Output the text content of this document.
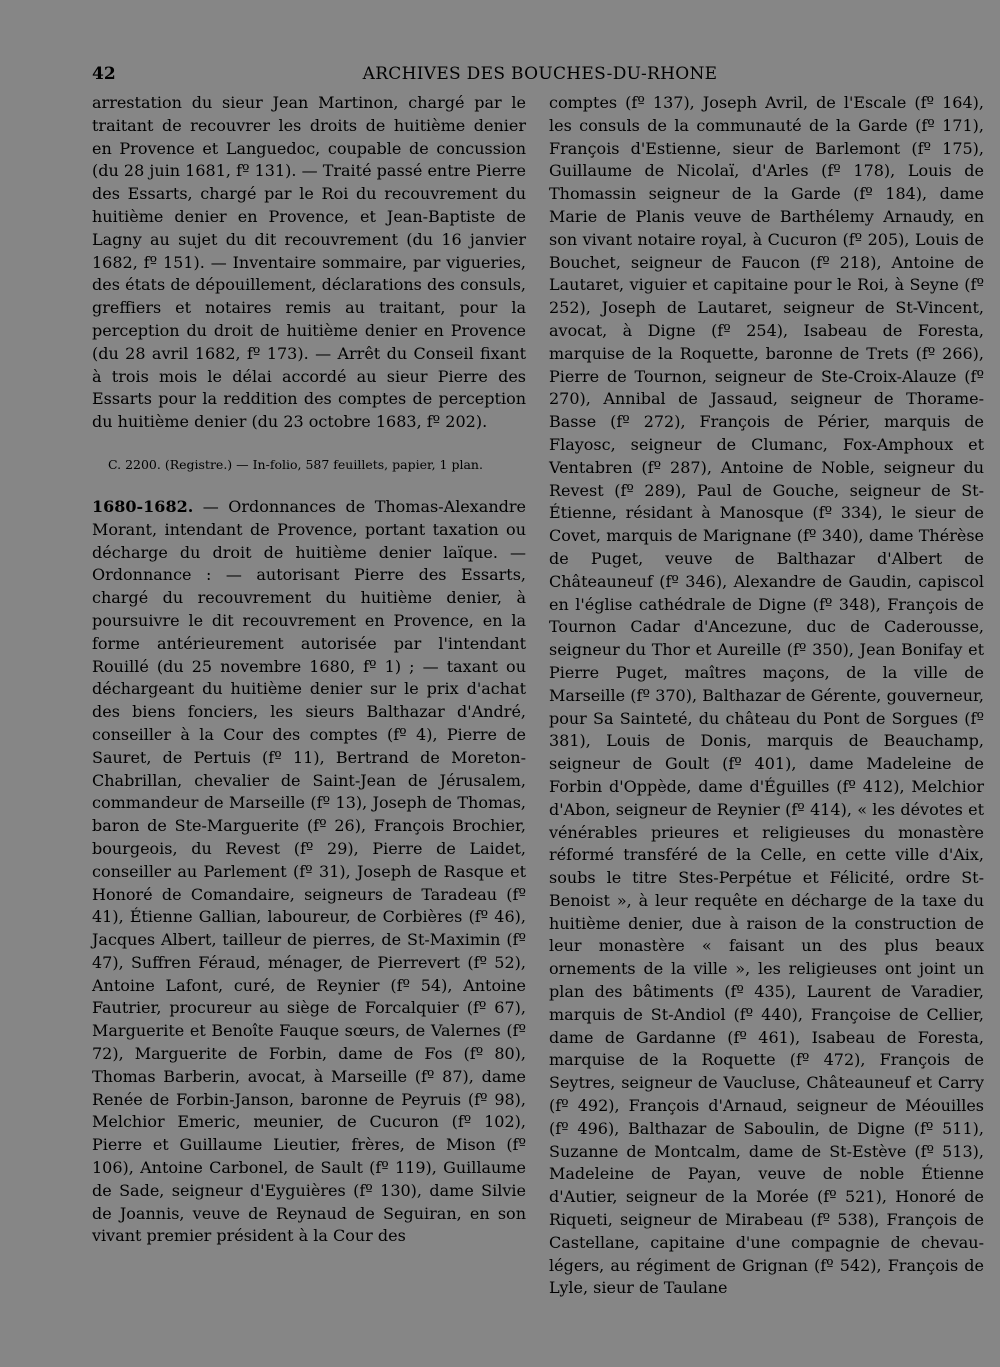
42	ARCHIVES DES BOUCHES-DU-RHONE

arrestation du sieur Jean Martinon, chargé par le traitant de recouvrer les droits de huitième denier en Provence et Languedoc, coupable de concussion (du 28 juin 1681, fº 131). — Traité passé entre Pierre des Essarts, chargé par le Roi du recouvrement du huitième denier en Provence, et Jean-Baptiste de Lagny au sujet du dit recouvrement (du 16 janvier 1682, fº 151). — Inventaire sommaire, par vigueries, des états de dépouillement, déclarations des consuls, greffiers et notaires remis au traitant, pour la perception du droit de huitième denier en Provence (du 28 avril 1682, fº 173). — Arrêt du Conseil fixant à trois mois le délai accordé au sieur Pierre des Essarts pour la reddition des comptes de perception du huitième denier (du 23 octobre 1683, fº 202).

C. 2200. (Registre.) — In-folio, 587 feuillets, papier, 1 plan.

1680-1682. — Ordonnances de Thomas-Alexandre Morant, intendant de Provence, portant taxation ou décharge du droit de huitième denier laïque. — Ordonnance : — autorisant Pierre des Essarts, chargé du recouvrement du huitième denier, à poursuivre le dit recouvrement en Provence, en la forme antérieurement autorisée par l'intendant Rouillé (du 25 novembre 1680, fº 1) ; — taxant ou déchargeant du huitième denier sur le prix d'achat des biens fonciers, les sieurs Balthazar d'André, conseiller à la Cour des comptes (fº 4), Pierre de Sauret, de Pertuis (fº 11), Bertrand de Moreton-Chabrillan, chevalier de Saint-Jean de Jérusalem, commandeur de Marseille (fº 13), Joseph de Thomas, baron de Ste-Marguerite (fº 26), François Brochier, bourgeois, du Revest (fº 29), Pierre de Laidet, conseiller au Parlement (fº 31), Joseph de Rasque et Honoré de Comandaire, seigneurs de Taradeau (fº 41), Étienne Gallian, laboureur, de Corbières (fº 46), Jacques Albert, tailleur de pierres, de St-Maximin (fº 47), Suffren Féraud, ménager, de Pierrevert (fº 52), Antoine Lafont, curé, de Reynier (fº 54), Antoine Fautrier, procureur au siège de Forcalquier (fº 67), Marguerite et Benoîte Fauque sœurs, de Valernes (fº 72), Marguerite de Forbin, dame de Fos (fº 80), Thomas Barberin, avocat, à Marseille (fº 87), dame Renée de Forbin-Janson, baronne de Peyruis (fº 98), Melchior Emeric, meunier, de Cucuron (fº 102), Pierre et Guillaume Lieutier, frères, de Mison (fº 106), Antoine Carbonel, de Sault (fº 119), Guillaume de Sade, seigneur d'Eyguières (fº 130), dame Silvie de Joannis, veuve de Reynaud de Seguiran, en son vivant premier président à la Cour des

comptes (fº 137), Joseph Avril, de l'Escale (fº 164), les consuls de la communauté de la Garde (fº 171), François d'Estienne, sieur de Barlemont (fº 175), Guillaume de Nicolaï, d'Arles (fº 178), Louis de Thomassin seigneur de la Garde (fº 184), dame Marie de Planis veuve de Barthélemy Arnaudy, en son vivant notaire royal, à Cucuron (fº 205), Louis de Bouchet, seigneur de Faucon (fº 218), Antoine de Lautaret, viguier et capitaine pour le Roi, à Seyne (fº 252), Joseph de Lautaret, seigneur de St-Vincent, avocat, à Digne (fº 254), Isabeau de Foresta, marquise de la Roquette, baronne de Trets (fº 266), Pierre de Tournon, seigneur de Ste-Croix-Alauze (fº 270), Annibal de Jassaud, seigneur de Thorame-Basse (fº 272), François de Périer, marquis de Flayosc, seigneur de Clumanc, Fox-Amphoux et Ventabren (fº 287), Antoine de Noble, seigneur du Revest (fº 289), Paul de Gouche, seigneur de St-Étienne, résidant à Manosque (fº 334), le sieur de Covet, marquis de Marignane (fº 340), dame Thérèse de Puget, veuve de Balthazar d'Albert de Châteauneuf (fº 346), Alexandre de Gaudin, capiscol en l'église cathédrale de Digne (fº 348), François de Tournon Cadar d'Ancezune, duc de Caderousse, seigneur du Thor et Aureille (fº 350), Jean Bonifay et Pierre Puget, maîtres maçons, de la ville de Marseille (fº 370), Balthazar de Gérente, gouverneur, pour Sa Sainteté, du château du Pont de Sorgues (fº 381), Louis de Donis, marquis de Beauchamp, seigneur de Goult (fº 401), dame Madeleine de Forbin d'Oppède, dame d'Éguilles (fº 412), Melchior d'Abon, seigneur de Reynier (fº 414), « les dévotes et vénérables prieures et religieuses du monastère réformé transféré de la Celle, en cette ville d'Aix, soubs le titre Stes-Perpétue et Félicité, ordre St-Benoist », à leur requête en décharge de la taxe du huitième denier, due à raison de la construction de leur monastère « faisant un des plus beaux ornements de la ville », les religieuses ont joint un plan des bâtiments (fº 435), Laurent de Varadier, marquis de St-Andiol (fº 440), Françoise de Cellier, dame de Gardanne (fº 461), Isabeau de Foresta, marquise de la Roquette (fº 472), François de Seytres, seigneur de Vaucluse, Châteauneuf et Carry (fº 492), François d'Arnaud, seigneur de Méouilles (fº 496), Balthazar de Saboulin, de Digne (fº 511), Suzanne de Montcalm, dame de St-Estève (fº 513), Madeleine de Payan, veuve de noble Étienne d'Autier, seigneur de la Morée (fº 521), Honoré de Riqueti, seigneur de Mirabeau (fº 538), François de Castellane, capitaine d'une compagnie de chevau-légers, au régiment de Grignan (fº 542), François de Lyle, sieur de Taulane
